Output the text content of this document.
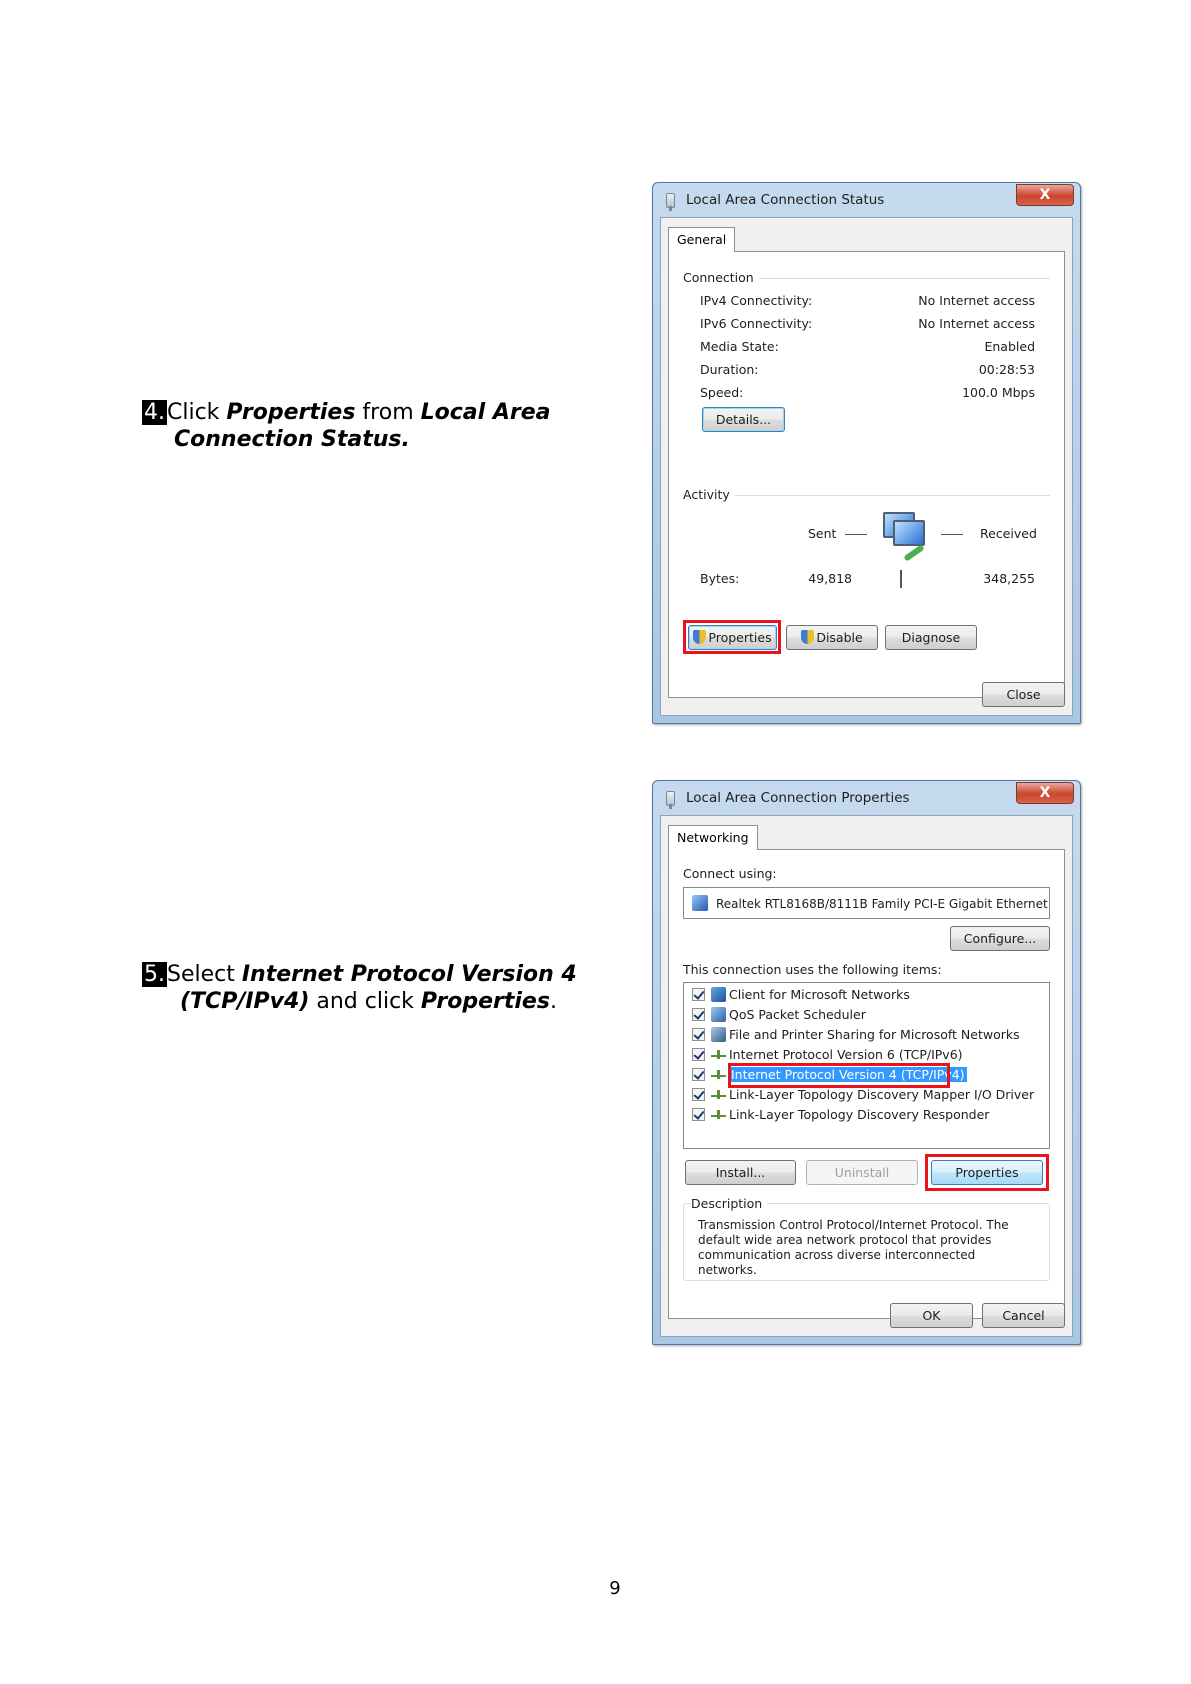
4.Click Properties from Local Area
Connection Status.
5.Select Internet Protocol Version 4
(TCP/IPv4) and click Properties.
Local Area Connection Status	X
General
Connection
IPv4 Connectivity:	No Internet access
IPv6 Connectivity:	No Internet access
Media State:	Enabled
Duration:	00:28:53
Speed:	100.0 Mbps
Details...
Activity
Sent	Received
Bytes:	49,818	348,255
Properties	Disable	Diagnose
Close
Local Area Connection Properties	X
Networking
Connect using:
Realtek RTL8168B/8111B Family PCI-E Gigabit Ethernet
Configure...
This connection uses the following items:
Client for Microsoft Networks
QoS Packet Scheduler
File and Printer Sharing for Microsoft Networks
Internet Protocol Version 6 (TCP/IPv6)
Internet Protocol Version 4 (TCP/IPv4)
Link-Layer Topology Discovery Mapper I/O Driver
Link-Layer Topology Discovery Responder
Install...	Uninstall	Properties
Description
Transmission Control Protocol/Internet Protocol. The default wide area network protocol that provides communication across diverse interconnected networks.
OK	Cancel
9
